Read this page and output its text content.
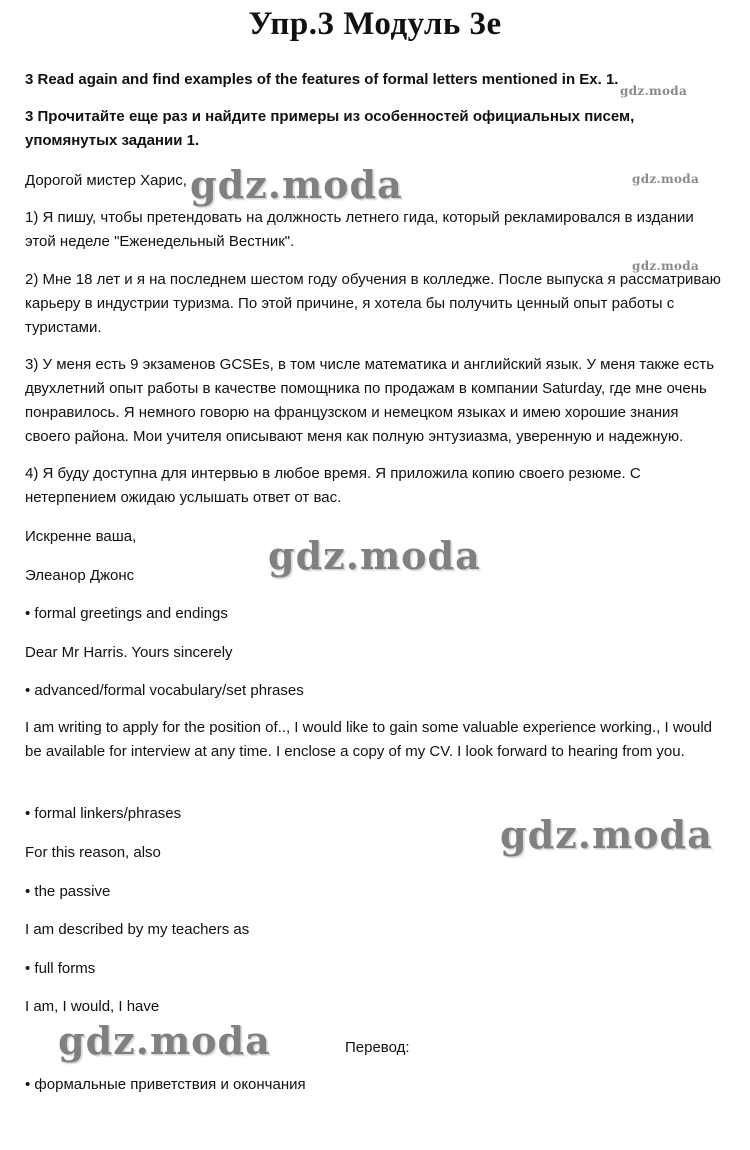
Упр.3 Модуль 3е

3 Read again and find examples of the features of formal letters mentioned in Ex. 1.

3 Прочитайте еще раз и найдите примеры из особенностей официальных писем, упомянутых задании 1.

Дорогой мистер Харис,

1) Я пишу, чтобы претендовать на должность летнего гида, который рекламировался в издании этой неделе "Еженедельный Вестник".

2) Мне 18 лет и я на последнем шестом году обучения в колледже. После выпуска я рассматриваю карьеру в индустрии туризма. По этой причине, я хотела бы получить ценный опыт работы с туристами.

3) У меня есть 9 экзаменов GCSEs, в том числе математика и английский язык. У меня также есть двухлетний опыт работы в качестве помощника по продажам в компании Saturday, где мне очень понравилось. Я немного говорю на французском и немецком языках и имею хорошие знания своего района. Мои учителя описывают меня как полную энтузиазма, уверенную и надежную.

4) Я буду доступна для интервью в любое время. Я приложила копию своего резюме. С нетерпением ожидаю услышать ответ от вас.

Искренне ваша,

Элеанор Джонс

• formal greetings and endings

Dear Mr Harris. Yours sincerely

• advanced/formal vocabulary/set phrases

I am writing to apply for the position of.., I would like to gain some valuable experience working., I would be available for interview at any time. I enclose a copy of my CV. I look forward to hearing from you.

• formal linkers/phrases

For this reason, also

• the passive

I am described by my teachers as

• full forms

I am, I would, I have

Перевод:

• формальные приветствия и окончания

gdz.moda
gdz.moda
gdz.moda
gdz.moda
gdz.moda
gdz.moda
gdz.moda
